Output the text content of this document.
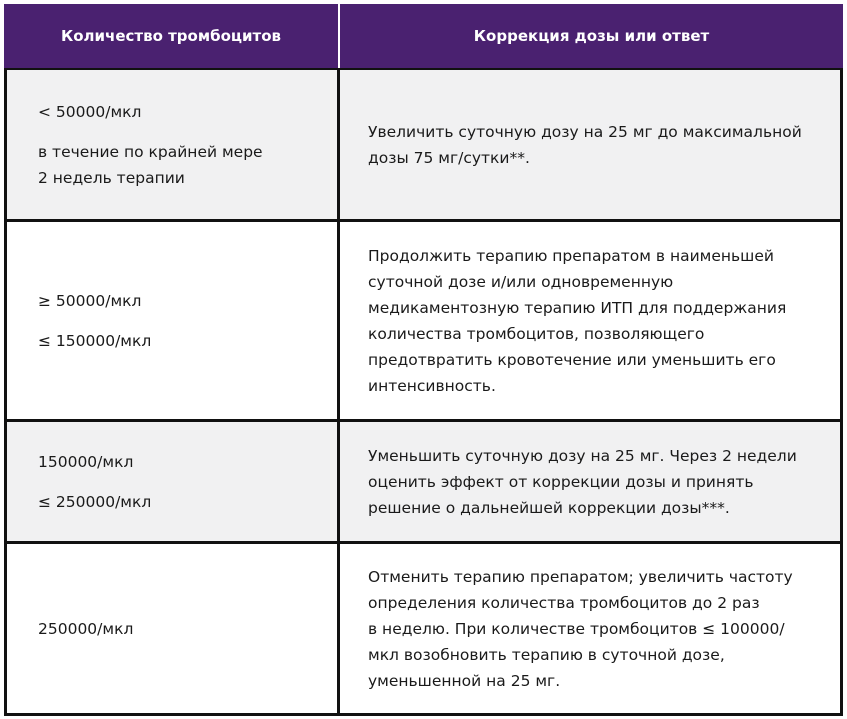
Количество тромбоцитов	Коррекция дозы или ответ
< 50000/мкл
в течение по крайней мере
2 недель терапии
Увеличить суточную дозу на 25 мг до максимальной
дозы 75 мг/сутки**.
≥ 50000/мкл
≤ 150000/мкл
Продолжить терапию препаратом в наименьшей
суточной дозе и/или одновременную
медикаментозную терапию ИТП для поддержания
количества тромбоцитов, позволяющего
предотвратить кровотечение или уменьшить его
интенсивность.
150000/мкл
≤ 250000/мкл
Уменьшить суточную дозу на 25 мг. Через 2 недели
оценить эффект от коррекции дозы и принять
решение о дальнейшей коррекции дозы***.
250000/мкл
Отменить терапию препаратом; увеличить частоту
определения количества тромбоцитов до 2 раз
в неделю. При количестве тромбоцитов ≤ 100000/
мкл возобновить терапию в суточной дозе,
уменьшенной на 25 мг.
